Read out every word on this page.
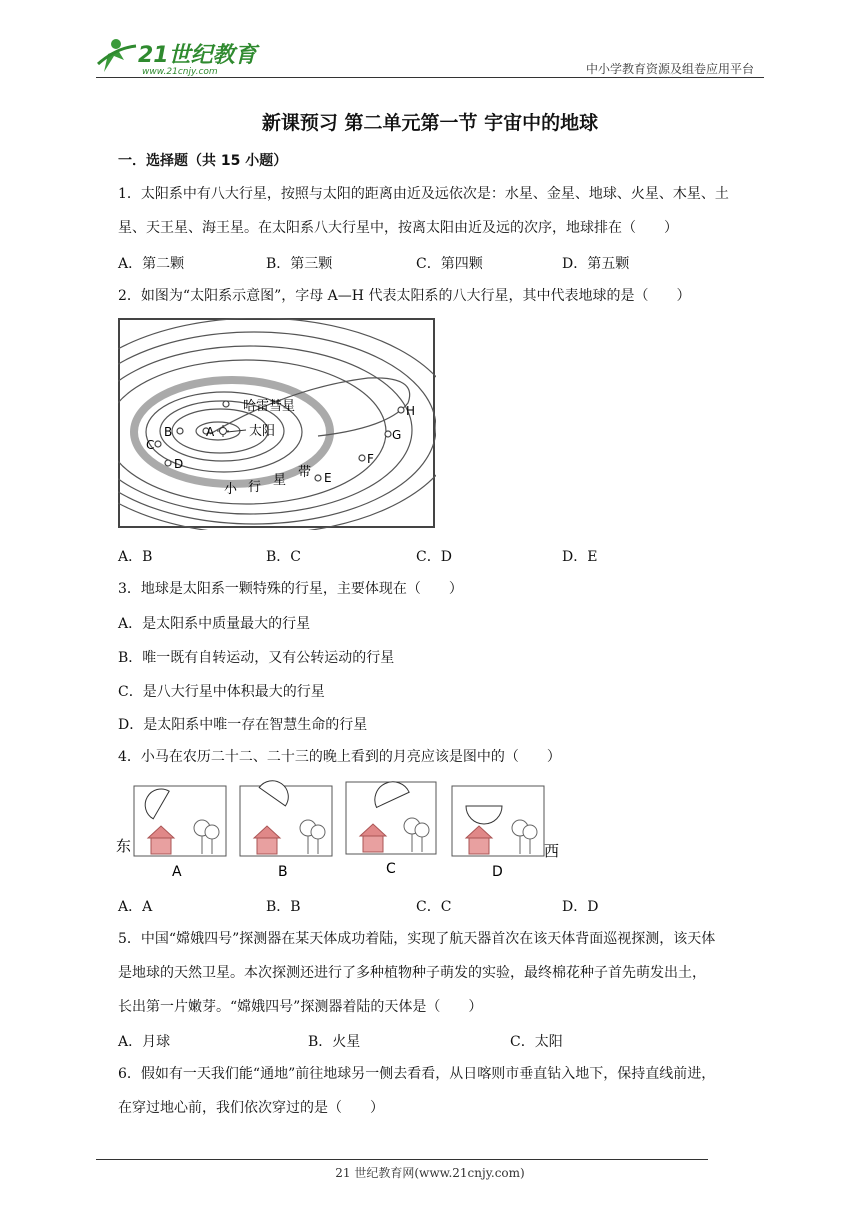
21世纪教育
www.21cnjy.com	中小学教育资源及组卷应用平台
新课预习 第二单元第一节 宇宙中的地球
一．选择题（共 15 小题）
1．太阳系中有八大行星，按照与太阳的距离由近及远依次是：水星、金星、地球、火星、木星、土
星、天王星、海王星。在太阳系八大行星中，按离太阳由近及远的次序，地球排在（　　）
A．第二颗	B．第三颗	C．第四颗	D．第五颗
2．如图为“太阳系示意图”，字母 A—H 代表太阳系的八大行星，其中代表地球的是（　　）
哈雷彗星
太阳
A
B
C
D
E
F
G
H
小 行 星
带
A．B	B．C	C．D	D．E
3．地球是太阳系一颗特殊的行星，主要体现在（　　）
A．是太阳系中质量最大的行星
B．唯一既有自转运动，又有公转运动的行星
C．是八大行星中体积最大的行星
D．是太阳系中唯一存在智慧生命的行星
4．小马在农历二十二、二十三的晚上看到的月亮应该是图中的（　　）
东	西
A	B	C	D
A．A	B．B	C．C	D．D
5．中国“嫦娥四号”探测器在某天体成功着陆，实现了航天器首次在该天体背面巡视探测，该天体
是地球的天然卫星。本次探测还进行了多种植物种子萌发的实验，最终棉花种子首先萌发出土，
长出第一片嫩芽。“嫦娥四号”探测器着陆的天体是（　　）
A．月球	B．火星	C．太阳
6．假如有一天我们能“通地”前往地球另一侧去看看，从日喀则市垂直钻入地下，保持直线前进，
在穿过地心前，我们依次穿过的是（　　）
21 世纪教育网(www.21cnjy.com)
